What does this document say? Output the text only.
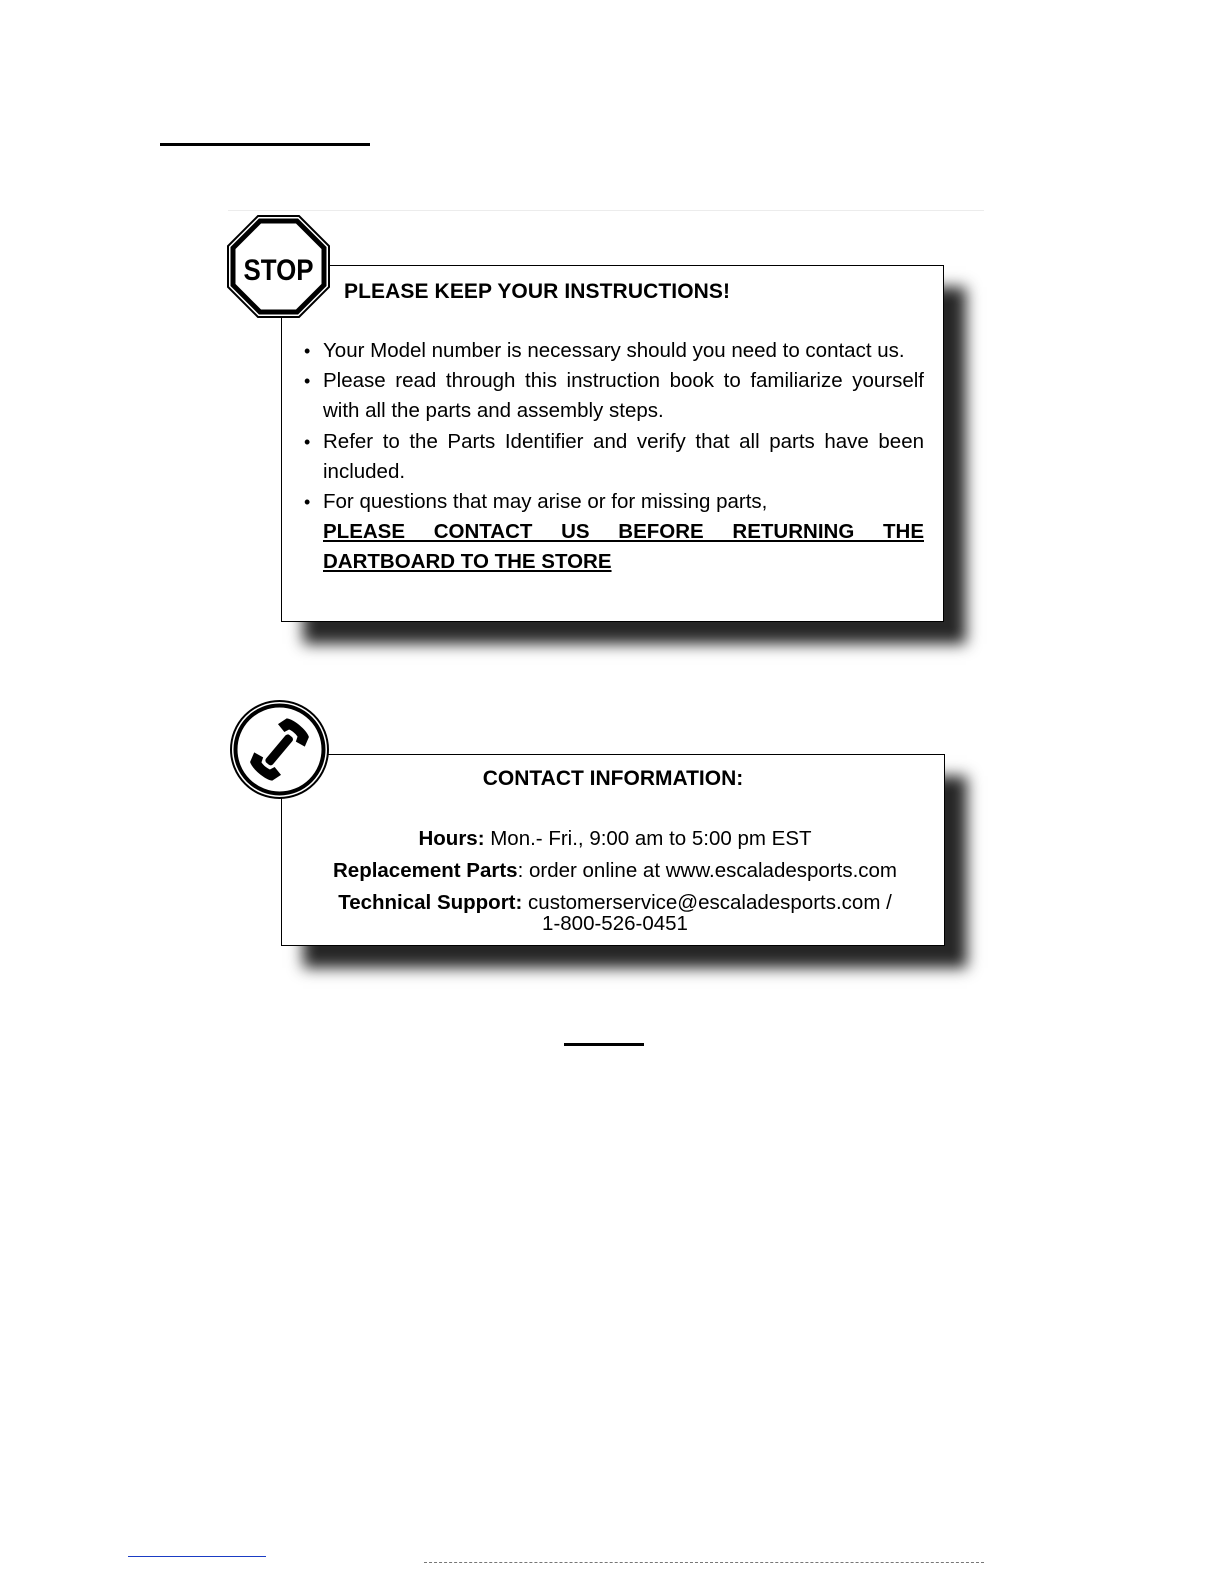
PLEASE KEEP YOUR INSTRUCTIONS!
• Your Model number is necessary should you need to contact us.
• Please read through this instruction book to familiarize yourself with all the parts and assembly steps.
• Refer to the Parts Identifier and verify that all parts have been included.
• For questions that may arise or for missing parts,
PLEASE CONTACT US BEFORE RETURNING THE
DARTBOARD TO THE STORE
STOP
CONTACT INFORMATION:
Hours: Mon.- Fri., 9:00 am to 5:00 pm EST
Replacement Parts: order online at www.escaladesports.com
Technical Support: customerservice@escaladesports.com /
1-800-526-0451
